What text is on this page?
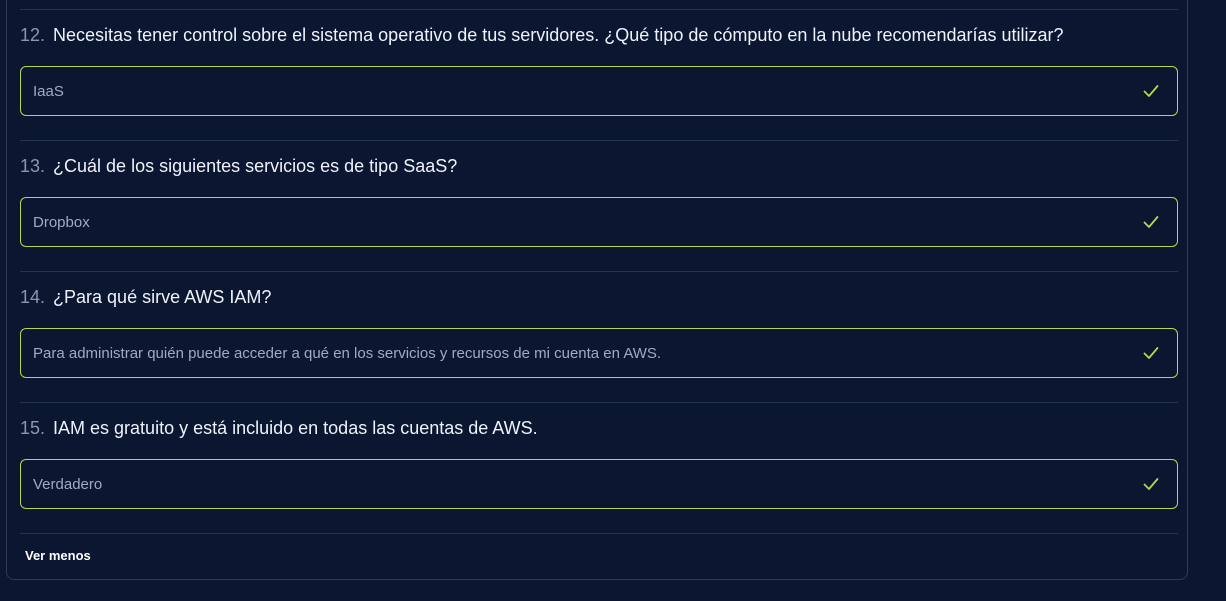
12. Necesitas tener control sobre el sistema operativo de tus servidores. ¿Qué tipo de cómputo en la nube recomendarías utilizar?
IaaS
13. ¿Cuál de los siguientes servicios es de tipo SaaS?
Dropbox
14. ¿Para qué sirve AWS IAM?
Para administrar quién puede acceder a qué en los servicios y recursos de mi cuenta en AWS.
15. IAM es gratuito y está incluido en todas las cuentas de AWS.
Verdadero
Ver menos
